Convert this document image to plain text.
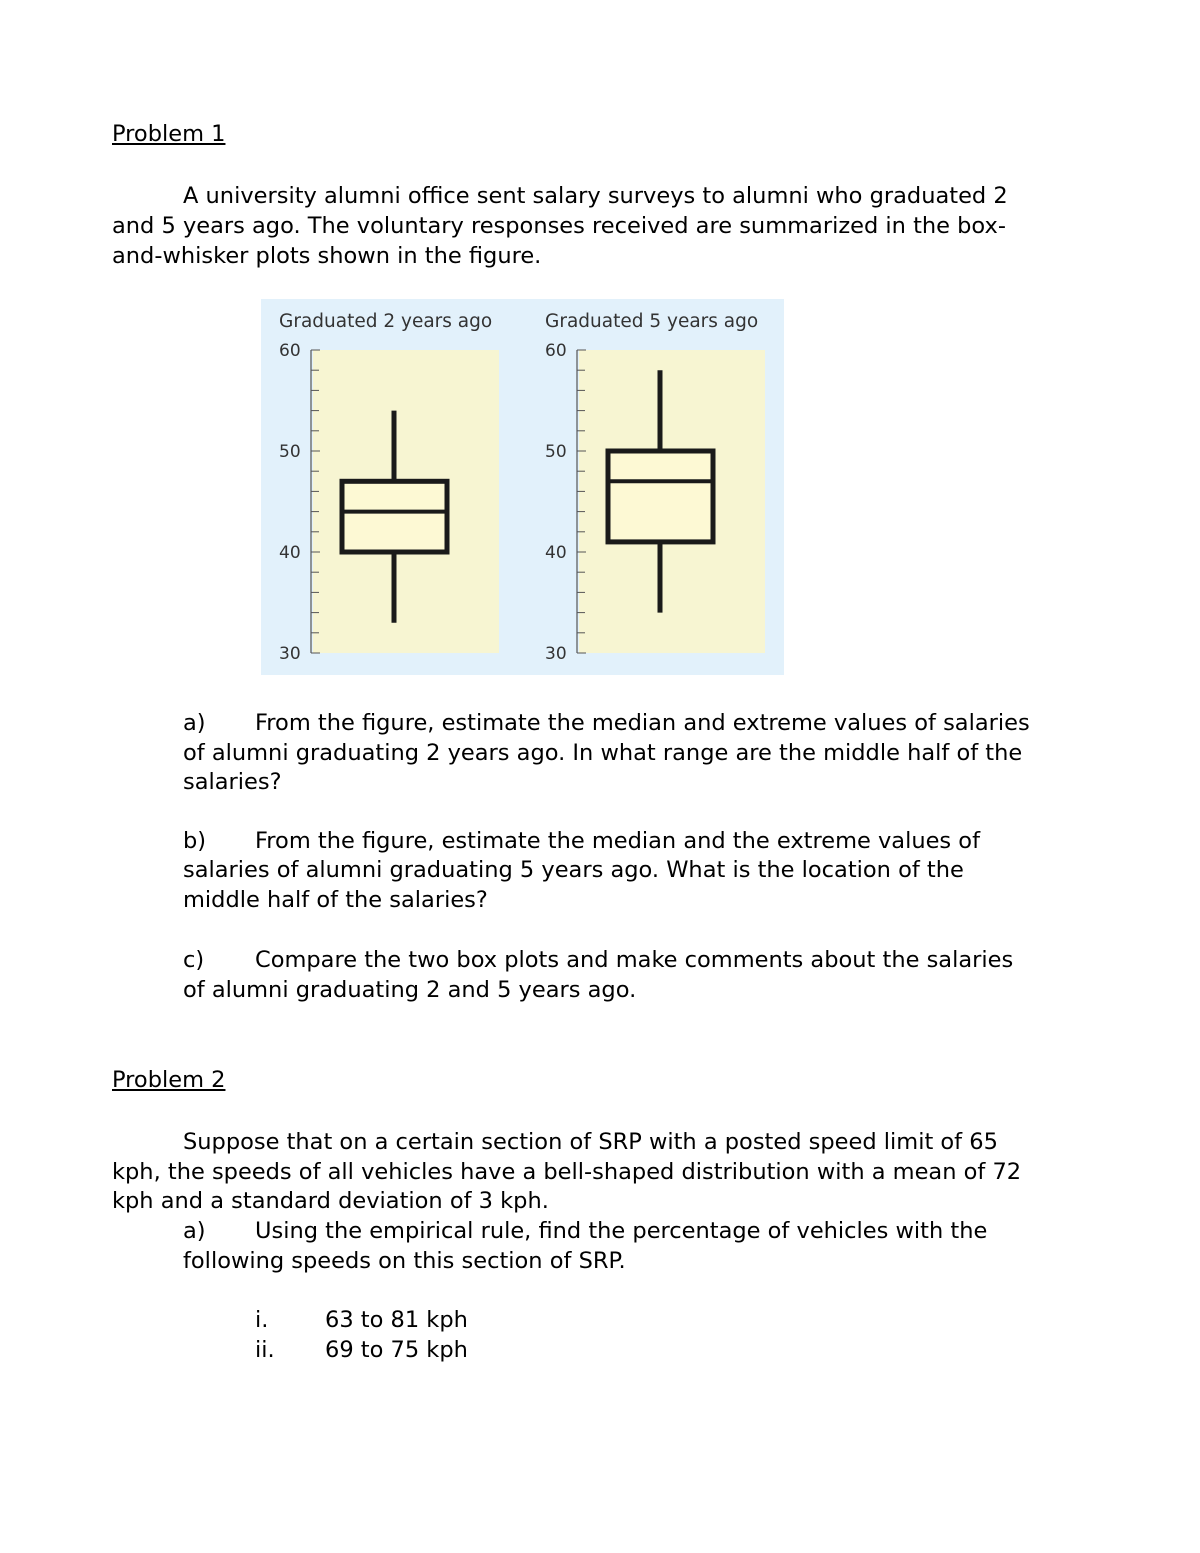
Problem 1
A university alumni office sent salary surveys to alumni who graduated 2
and 5 years ago. The voluntary responses received are summarized in the box-
and-whisker plots shown in the figure.
Graduated 2 years ago
60
50
40
30
Graduated 5 years ago
60
50
40
30
a) From the figure, estimate the median and extreme values of salaries
of alumni graduating 2 years ago. In what range are the middle half of the
salaries?
b) From the figure, estimate the median and the extreme values of
salaries of alumni graduating 5 years ago. What is the location of the
middle half of the salaries?
c) Compare the two box plots and make comments about the salaries
of alumni graduating 2 and 5 years ago.
Problem 2
Suppose that on a certain section of SRP with a posted speed limit of 65
kph, the speeds of all vehicles have a bell-shaped distribution with a mean of 72
kph and a standard deviation of 3 kph.
a) Using the empirical rule, find the percentage of vehicles with the
following speeds on this section of SRP.
i.	63 to 81 kph
ii. 69 to 75 kph
